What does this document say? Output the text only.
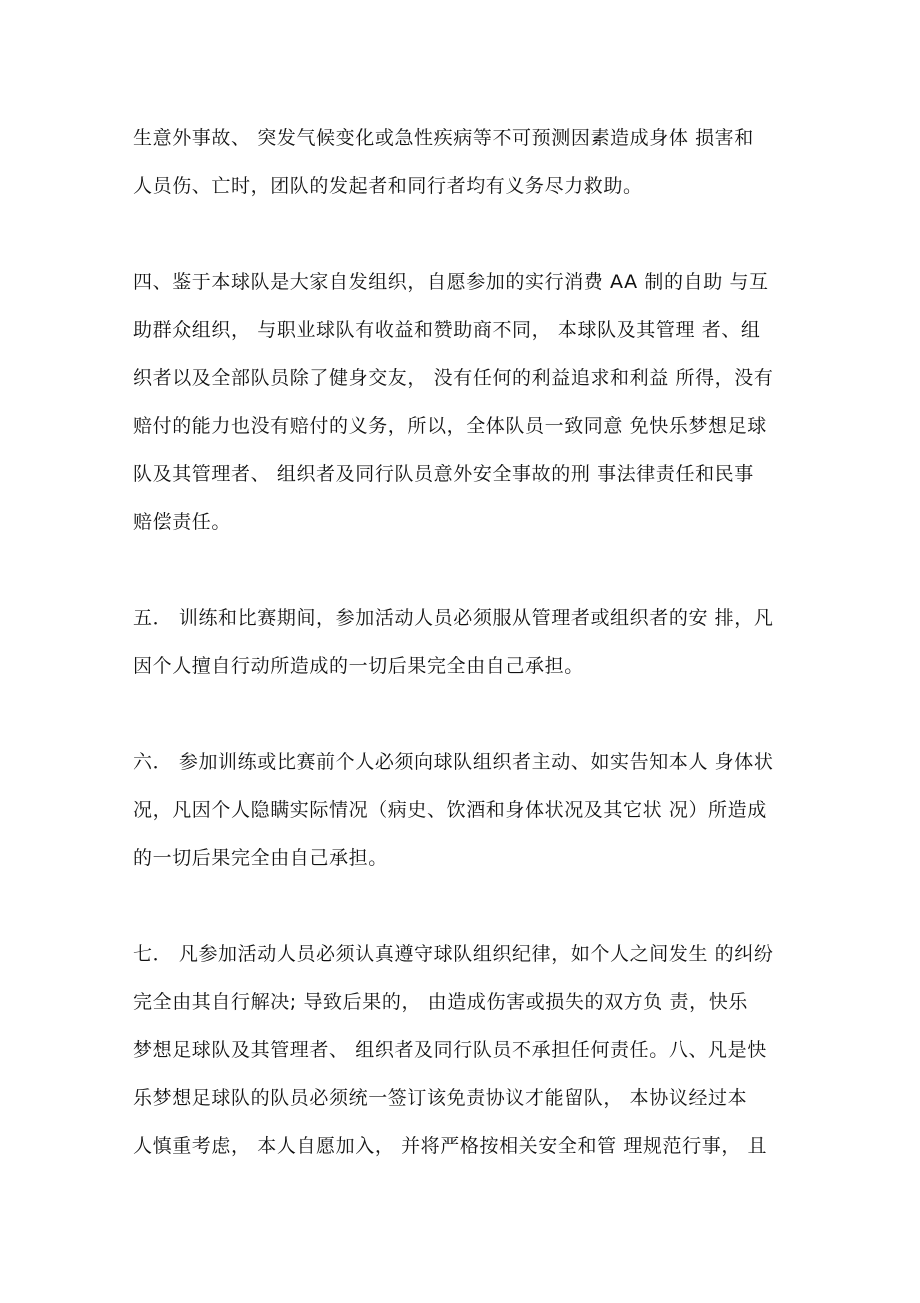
生意外事故、 突发气候变化或急性疾病等不可预测因素造成身体 损害和
人员伤、亡时，团队的发起者和同行者均有义务尽力救助。
四、鉴于本球队是大家自发组织，自愿参加的实行消费 AA 制的自助 与互
助群众组织， 与职业球队有收益和赞助商不同， 本球队及其管理 者、组
织者以及全部队员除了健身交友， 没有任何的利益追求和利益 所得，没有
赔付的能力也没有赔付的义务，所以，全体队员一致同意 免快乐梦想足球
队及其管理者、 组织者及同行队员意外安全事故的刑 事法律责任和民事
赔偿责任。
五． 训练和比赛期间，参加活动人员必须服从管理者或组织者的安 排，凡
因个人擅自行动所造成的一切后果完全由自己承担。
六． 参加训练或比赛前个人必须向球队组织者主动、如实告知本人 身体状
况，凡因个人隐瞒实际情况（病史、饮酒和身体状况及其它状 况）所造成
的一切后果完全由自己承担。
七． 凡参加活动人员必须认真遵守球队组织纪律，如个人之间发生 的纠纷
完全由其自行解决; 导致后果的， 由造成伤害或损失的双方负 责，快乐
梦想足球队及其管理者、 组织者及同行队员不承担任何责任。八、凡是快
乐梦想足球队的队员必须统一签订该免责协议才能留队， 本协议经过本
人慎重考虑， 本人自愿加入， 并将严格按相关安全和管 理规范行事， 且
